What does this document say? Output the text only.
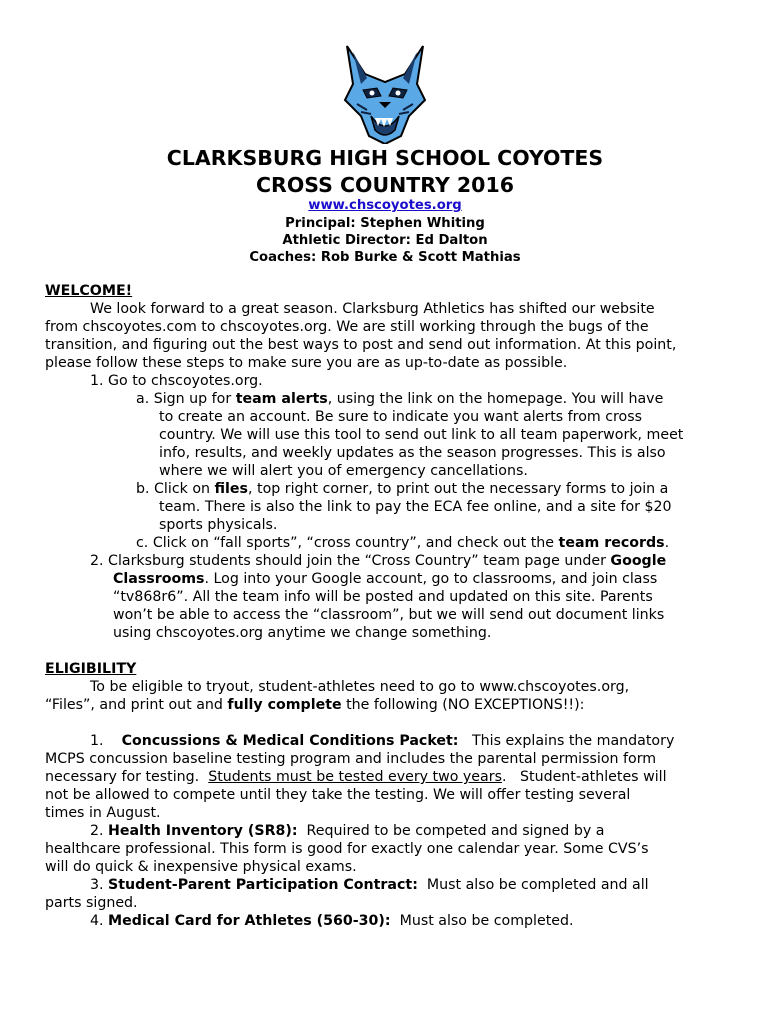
CLARKSBURG HIGH SCHOOL COYOTES
CROSS COUNTRY 2016
www.chscoyotes.org
Principal: Stephen Whiting
Athletic Director: Ed Dalton
Coaches: Rob Burke & Scott Mathias
WELCOME!
We look forward to a great season. Clarksburg Athletics has shifted our website
from chscoyotes.com to chscoyotes.org. We are still working through the bugs of the
transition, and figuring out the best ways to post and send out information. At this point,
please follow these steps to make sure you are as up-to-date as possible.
1. Go to chscoyotes.org.
a. Sign up for team alerts, using the link on the homepage. You will have
to create an account. Be sure to indicate you want alerts from cross
country. We will use this tool to send out link to all team paperwork, meet
info, results, and weekly updates as the season progresses. This is also
where we will alert you of emergency cancellations.
b. Click on files, top right corner, to print out the necessary forms to join a
team. There is also the link to pay the ECA fee online, and a site for $20
sports physicals.
c. Click on “fall sports”, “cross country”, and check out the team records.
2. Clarksburg students should join the “Cross Country” team page under Google
Classrooms. Log into your Google account, go to classrooms, and join class
“tv868r6”. All the team info will be posted and updated on this site. Parents
won’t be able to access the “classroom”, but we will send out document links
using chscoyotes.org anytime we change something.
ELIGIBILITY
To be eligible to tryout, student-athletes need to go to www.chscoyotes.org,
“Files”, and print out and fully complete the following (NO EXCEPTIONS!!):
1.    Concussions & Medical Conditions Packet:   This explains the mandatory
MCPS concussion baseline testing program and includes the parental permission form
necessary for testing.  Students must be tested every two years.   Student-athletes will
not be allowed to compete until they take the testing. We will offer testing several
times in August.
2. Health Inventory (SR8):  Required to be competed and signed by a
healthcare professional. This form is good for exactly one calendar year. Some CVS’s
will do quick & inexpensive physical exams.
3. Student-Parent Participation Contract:  Must also be completed and all
parts signed.
4. Medical Card for Athletes (560-30):  Must also be completed.
